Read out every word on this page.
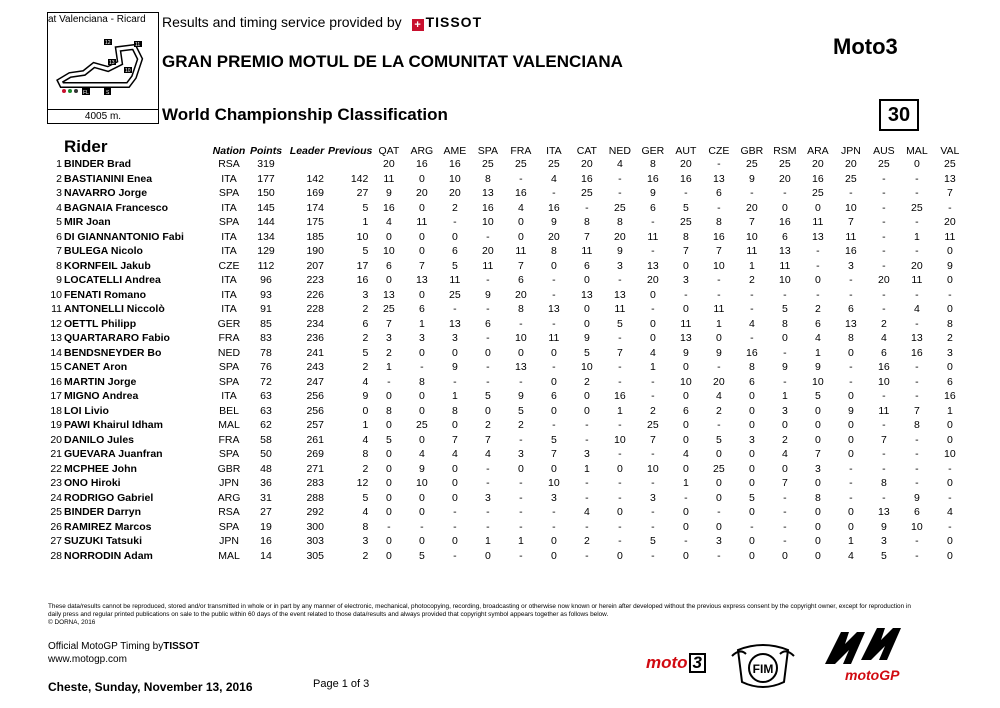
at Valenciana - Ricard
FL	S
12	11
13
10
4005 m.
Results and timing service provided by + TISSOT
GRAN PREMIO MOTUL DE LA COMUNITAT VALENCIANA
Moto3
World Championship Classification	30
Rider		Nation	Points	Leader	Previous	QAT	ARG	AME	SPA	FRA	ITA	CAT	NED	GER	AUT	CZE	GBR	RSM	ARA	JPN	AUS	MAL	VAL
1	BINDER Brad	RSA	319			20	16	16	25	25	25	20	4	8	20	-	25	25	20	20	25	0	25
2	BASTIANINI Enea	ITA	177	142	142	11	0	10	8	-	4	16	-	16	16	13	9	20	16	25	-	-	13
3	NAVARRO Jorge	SPA	150	169	27	9	20	20	13	16	-	25	-	9	-	6	-	-	25	-	-	-	7
4	BAGNAIA Francesco	ITA	145	174	5	16	0	2	16	4	16	-	25	6	5	-	20	0	0	10	-	25	-
5	MIR Joan	SPA	144	175	1	4	11	-	10	0	9	8	8	-	25	8	7	16	11	7	-	-	20
6	DI GIANNANTONIO Fabi	ITA	134	185	10	0	0	0	-	0	20	7	20	11	8	16	10	6	13	11	-	1	11
7	BULEGA Nicolo	ITA	129	190	5	10	0	6	20	11	8	11	9	-	7	7	11	13	-	16	-	-	0
8	KORNFEIL Jakub	CZE	112	207	17	6	7	5	11	7	0	6	3	13	0	10	1	11	-	3	-	20	9
9	LOCATELLI Andrea	ITA	96	223	16	0	13	11	-	6	-	0	-	20	3	-	2	10	0	-	20	11	0
10	FENATI Romano	ITA	93	226	3	13	0	25	9	20	-	13	13	0	-	-	-	-	-	-	-	-	-
11	ANTONELLI Niccolò	ITA	91	228	2	25	6	-	-	8	13	0	11	-	0	11	-	5	2	6	-	4	0
12	OETTL Philipp	GER	85	234	6	7	1	13	6	-	-	0	5	0	11	1	4	8	6	13	2	-	8
13	QUARTARARO Fabio	FRA	83	236	2	3	3	3	-	10	11	9	-	0	13	0	-	0	4	8	4	13	2
14	BENDSNEYDER Bo	NED	78	241	5	2	0	0	0	0	0	5	7	4	9	9	16	-	1	0	6	16	3
15	CANET Aron	SPA	76	243	2	1	-	9	-	13	-	10	-	1	0	-	8	9	9	-	16	-	0
16	MARTIN Jorge	SPA	72	247	4	-	8	-	-	-	0	2	-	-	10	20	6	-	10	-	10	-	6
17	MIGNO Andrea	ITA	63	256	9	0	0	1	5	9	6	0	16	-	0	4	0	1	5	0	-	-	16
18	LOI Livio	BEL	63	256	0	8	0	8	0	5	0	0	1	2	6	2	0	3	0	9	11	7	1
19	PAWI Khairul Idham	MAL	62	257	1	0	25	0	2	2	-	-	-	25	0	-	0	0	0	0	-	8	0
20	DANILO Jules	FRA	58	261	4	5	0	7	7	-	5	-	10	7	0	5	3	2	0	0	7	-	0
21	GUEVARA Juanfran	SPA	50	269	8	0	4	4	4	3	7	3	-	-	4	0	0	4	7	0	-	-	10
22	MCPHEE John	GBR	48	271	2	0	9	0	-	0	0	1	0	10	0	25	0	0	3	-	-	-	-
23	ONO Hiroki	JPN	36	283	12	0	10	0	-	-	10	-	-	-	1	0	0	7	0	-	8	-	0
24	RODRIGO Gabriel	ARG	31	288	5	0	0	0	3	-	3	-	-	3	-	0	5	-	8	-	-	9	-
25	BINDER Darryn	RSA	27	292	4	0	0	-	-	-	-	4	0	-	0	-	0	-	0	0	13	6	4
26	RAMIREZ Marcos	SPA	19	300	8	-	-	-	-	-	-	-	-	-	0	0	-	-	0	0	9	10	-
27	SUZUKI Tatsuki	JPN	16	303	3	0	0	0	1	1	0	2	-	5	-	3	0	-	0	1	3	-	0
28	NORRODIN Adam	MAL	14	305	2	0	5	-	0	-	0	-	0	-	0	-	0	0	0	4	5	-	0
These data/results cannot be reproduced, stored and/or transmitted in whole or in part by any manner of electronic, mechanical, photocopying, recording, broadcasting or otherwise now known or herein after developed without the previous express consent by the copyright owner, except for reproduction in daily press and regular printed publications on sale to the public within 60 days of the event related to those data/results and always provided that copyright symbol appears together as follows below.
© DORNA, 2016
Official MotoGP Timing byTISSOT
www.motogp.com
Cheste, Sunday, November 13, 2016	Page 1 of 3
moto 3	FIM	motoGP
